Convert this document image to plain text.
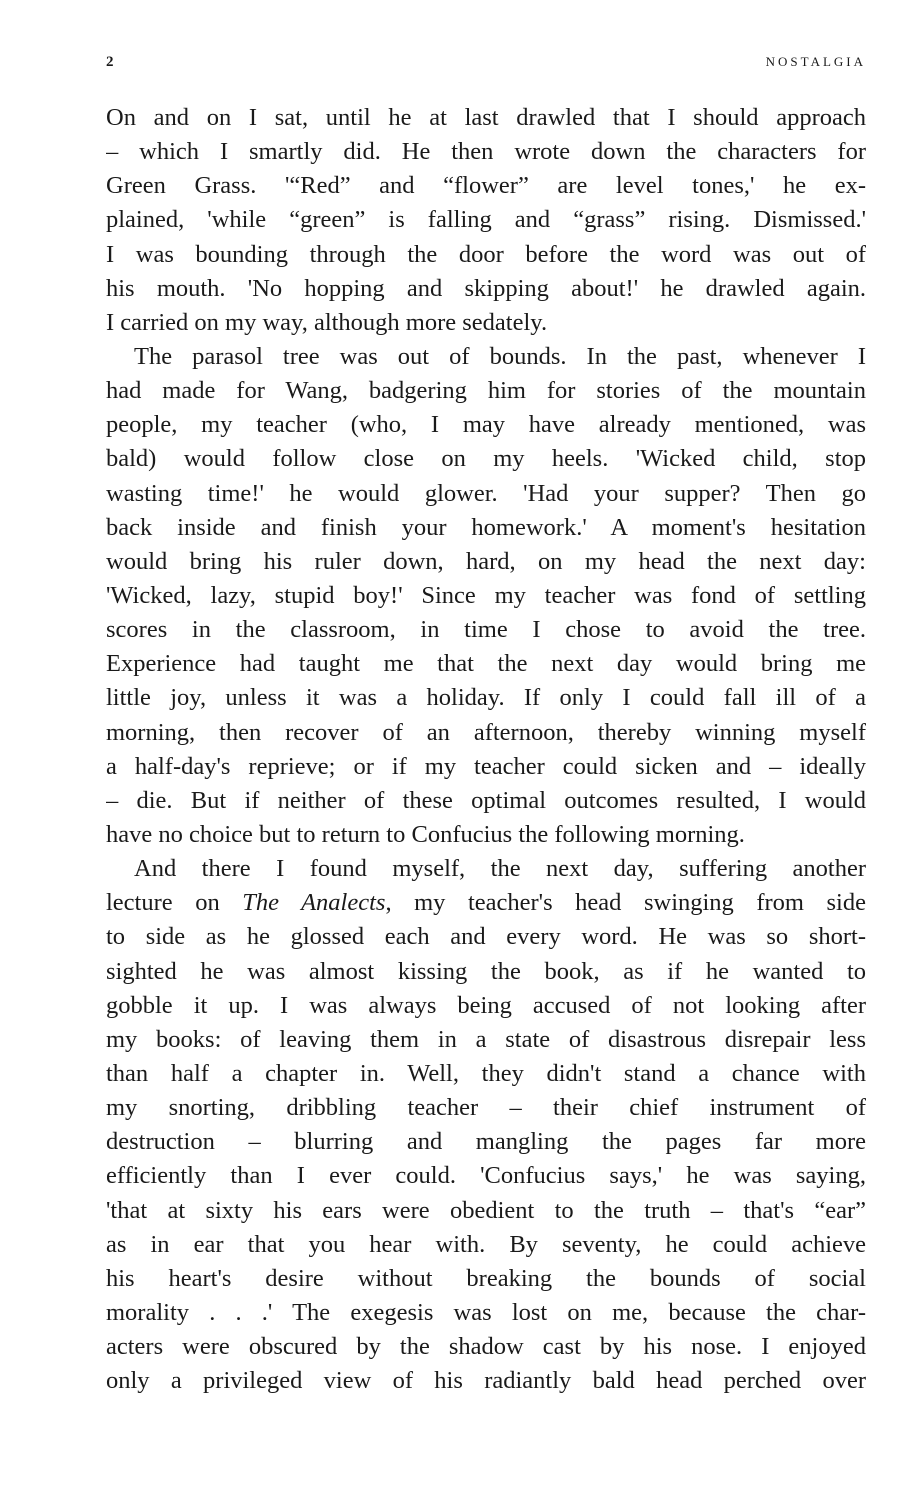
2	NOSTALGIA
On and on I sat, until he at last drawled that I should approach
– which I smartly did. He then wrote down the characters for
Green Grass. '“Red” and “flower” are level tones,' he ex-
plained, 'while “green” is falling and “grass” rising. Dismissed.'
I was bounding through the door before the word was out of
his mouth. 'No hopping and skipping about!' he drawled again.
I carried on my way, although more sedately.
The parasol tree was out of bounds. In the past, whenever I
had made for Wang, badgering him for stories of the mountain
people, my teacher (who, I may have already mentioned, was
bald) would follow close on my heels. 'Wicked child, stop
wasting time!' he would glower. 'Had your supper? Then go
back inside and finish your homework.' A moment's hesitation
would bring his ruler down, hard, on my head the next day:
'Wicked, lazy, stupid boy!' Since my teacher was fond of settling
scores in the classroom, in time I chose to avoid the tree.
Experience had taught me that the next day would bring me
little joy, unless it was a holiday. If only I could fall ill of a
morning, then recover of an afternoon, thereby winning myself
a half-day's reprieve; or if my teacher could sicken and – ideally
– die. But if neither of these optimal outcomes resulted, I would
have no choice but to return to Confucius the following morning.
And there I found myself, the next day, suffering another
lecture on The Analects, my teacher's head swinging from side
to side as he glossed each and every word. He was so short-
sighted he was almost kissing the book, as if he wanted to
gobble it up. I was always being accused of not looking after
my books: of leaving them in a state of disastrous disrepair less
than half a chapter in. Well, they didn't stand a chance with
my snorting, dribbling teacher – their chief instrument of
destruction – blurring and mangling the pages far more
efficiently than I ever could. 'Confucius says,' he was saying,
'that at sixty his ears were obedient to the truth – that's “ear”
as in ear that you hear with. By seventy, he could achieve
his heart's desire without breaking the bounds of social
morality . . .' The exegesis was lost on me, because the char-
acters were obscured by the shadow cast by his nose. I enjoyed
only a privileged view of his radiantly bald head perched over
